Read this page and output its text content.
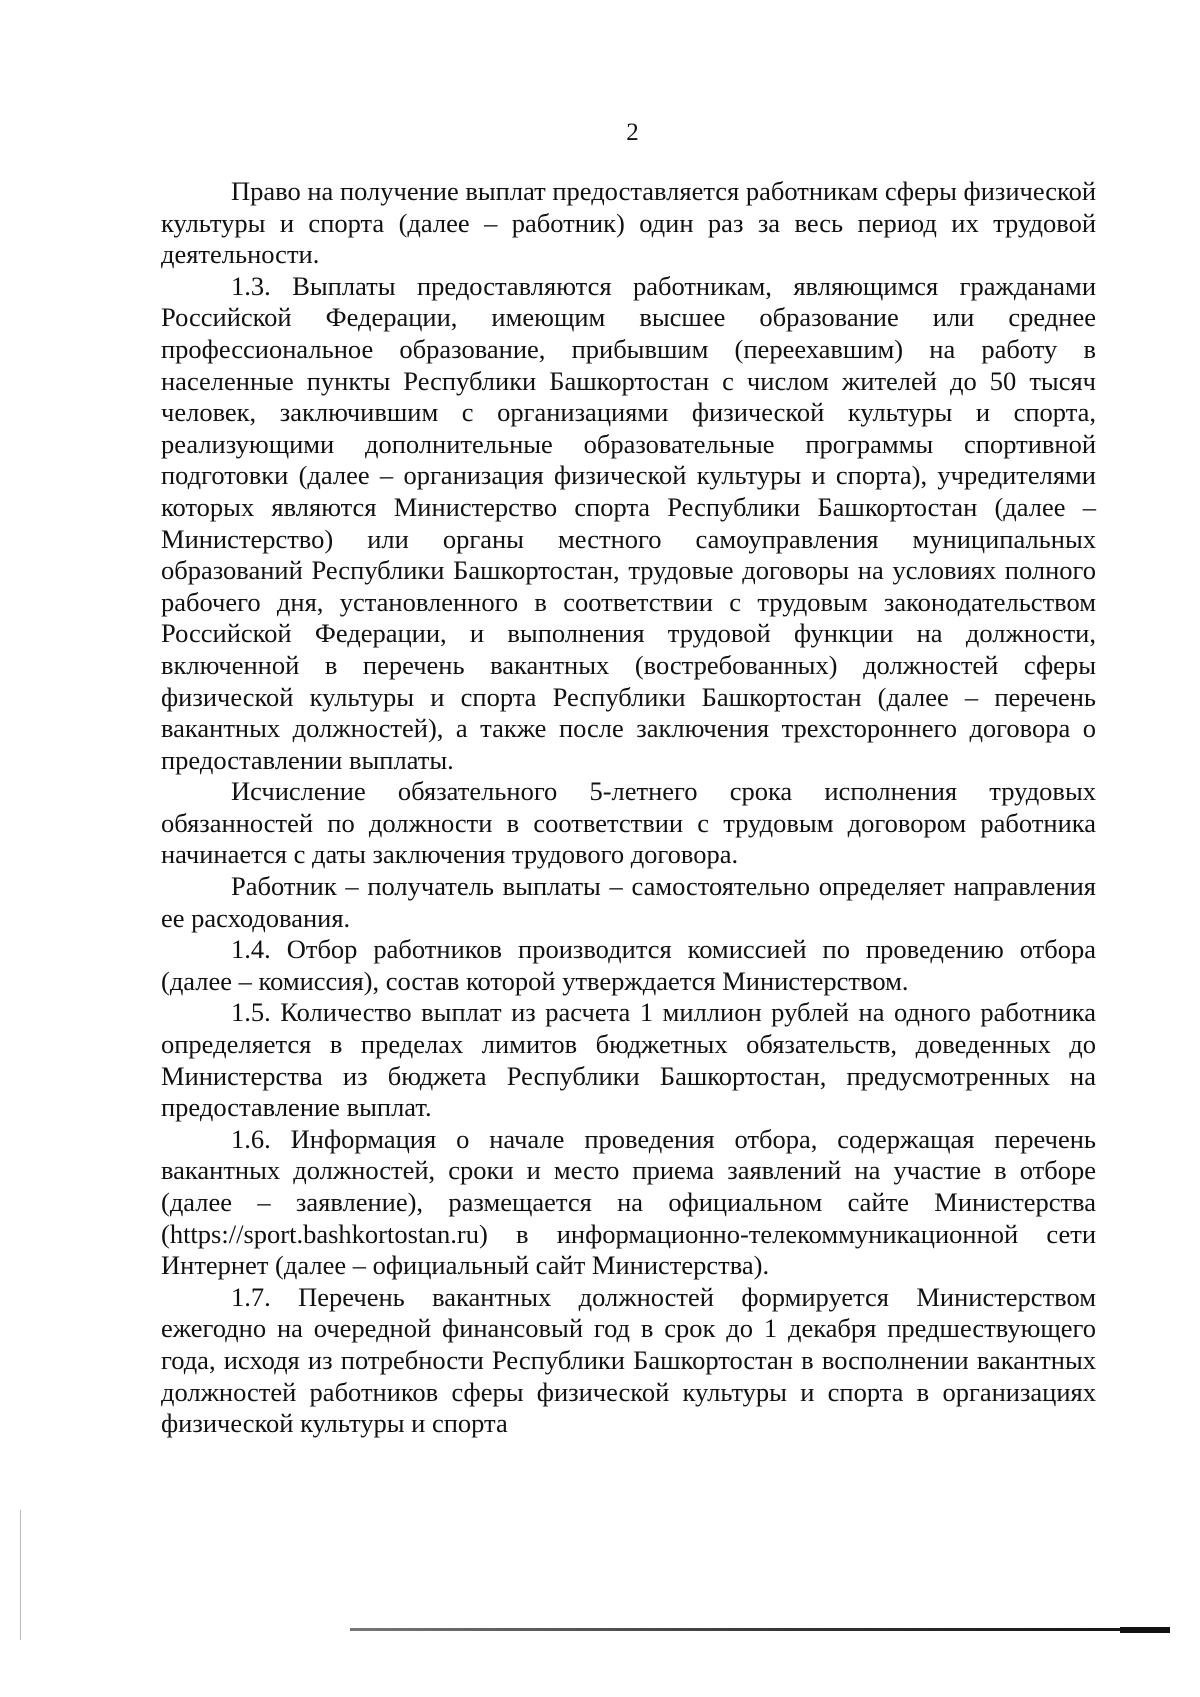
2

Право на получение выплат предоставляется работникам сферы физической культуры и спорта (далее – работник) один раз за весь период их трудовой деятельности.

1.3. Выплаты предоставляются работникам, являющимся гражданами Российской Федерации, имеющим высшее образование или среднее профессиональное образование, прибывшим (переехавшим) на работу в населенные пункты Республики Башкортостан с числом жителей до 50 тысяч человек, заключившим с организациями физической культуры и спорта, реализующими дополнительные образовательные программы спортивной подготовки (далее – организация физической культуры и спорта), учредителями которых являются Министерство спорта Республики Башкортостан (далее – Министерство) или органы местного самоуправления муниципальных образований Республики Башкортостан, трудовые договоры на условиях полного рабочего дня, установленного в соответствии с трудовым законодательством Российской Федерации, и выполнения трудовой функции на должности, включенной в перечень вакантных (востребованных) должностей сферы физической культуры и спорта Республики Башкортостан (далее – перечень вакантных должностей), а также после заключения трехстороннего договора о предоставлении выплаты.

Исчисление обязательного 5-летнего срока исполнения трудовых обязанностей по должности в соответствии с трудовым договором работника начинается с даты заключения трудового договора.

Работник – получатель выплаты – самостоятельно определяет направления ее расходования.

1.4. Отбор работников производится комиссией по проведению отбора (далее – комиссия), состав которой утверждается Министерством.

1.5. Количество выплат из расчета 1 миллион рублей на одного работника определяется в пределах лимитов бюджетных обязательств, доведенных до Министерства из бюджета Республики Башкортостан, предусмотренных на предоставление выплат.

1.6. Информация о начале проведения отбора, содержащая перечень вакантных должностей, сроки и место приема заявлений на участие в отборе (далее – заявление), размещается на официальном сайте Министерства (https://sport.bashkortostan.ru) в информационно-телекоммуникационной сети Интернет (далее – официальный сайт Министерства).

1.7. Перечень вакантных должностей формируется Министерством ежегодно на очередной финансовый год в срок до 1 декабря предшествующего года, исходя из потребности Республики Башкортостан в восполнении вакантных должностей работников сферы физической культуры и спорта в организациях физической культуры и спорта
